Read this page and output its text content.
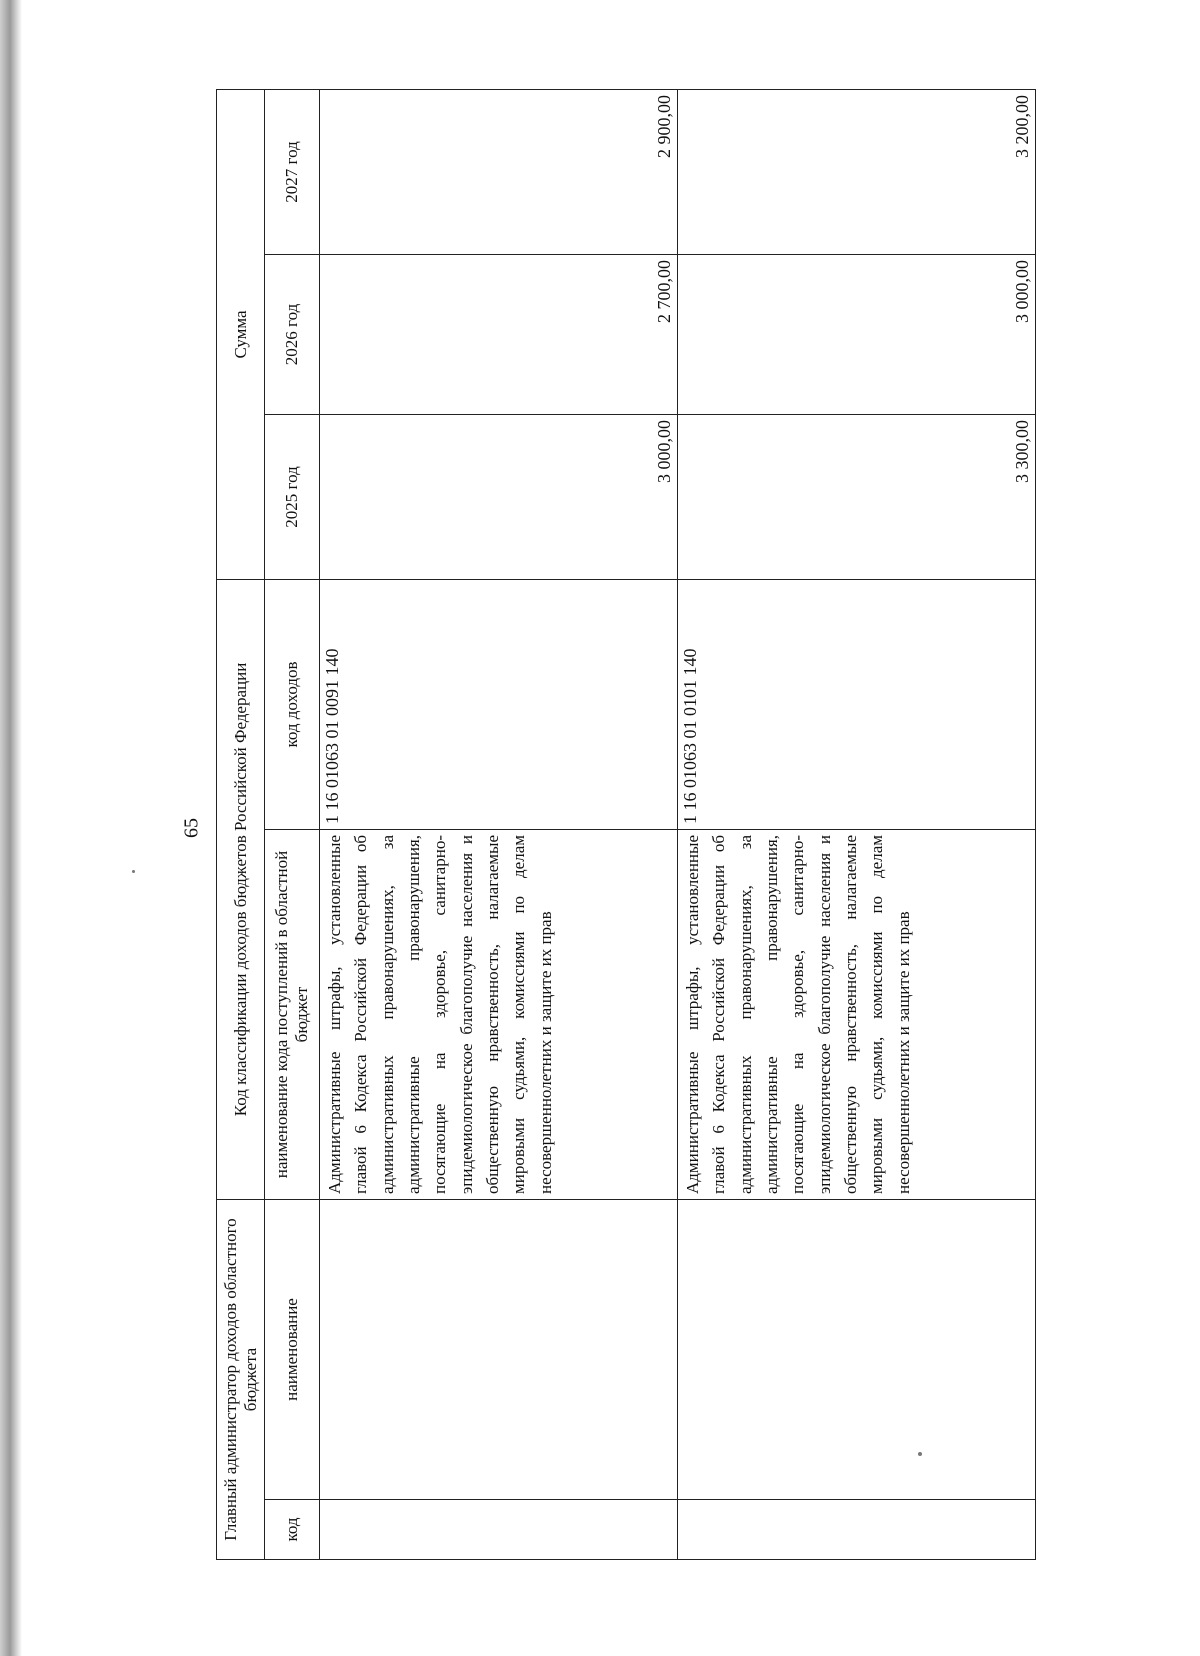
65
Главный администратор доходов областного бюджета		Код классификации доходов бюджетов Российской Федерации		Сумма		
код	наименование	наименование кода поступлений в областной бюджет	код доходов	2025 год	2026 год	2027 год
		Административные штрафы, установленные главой 6 Кодекса Российской Федерации об административных правонарушениях, за административные правонарушения, посягающие на здоровье, санитарно-эпидемиологическое благополучие населения и общественную нравственность, налагаемые мировыми судьями, комиссиями по делам несовершеннолетних и защите их прав	1 16 01063 01 0091 140	3 000,00	2 700,00	2 900,00
		Административные штрафы, установленные главой 6 Кодекса Российской Федерации об административных правонарушениях, за административные правонарушения, посягающие на здоровье, санитарно-эпидемиологическое благополучие населения и общественную нравственность, налагаемые мировыми судьями, комиссиями по делам несовершеннолетних и защите их прав	1 16 01063 01 0101 140	3 300,00	3 000,00	3 200,00
